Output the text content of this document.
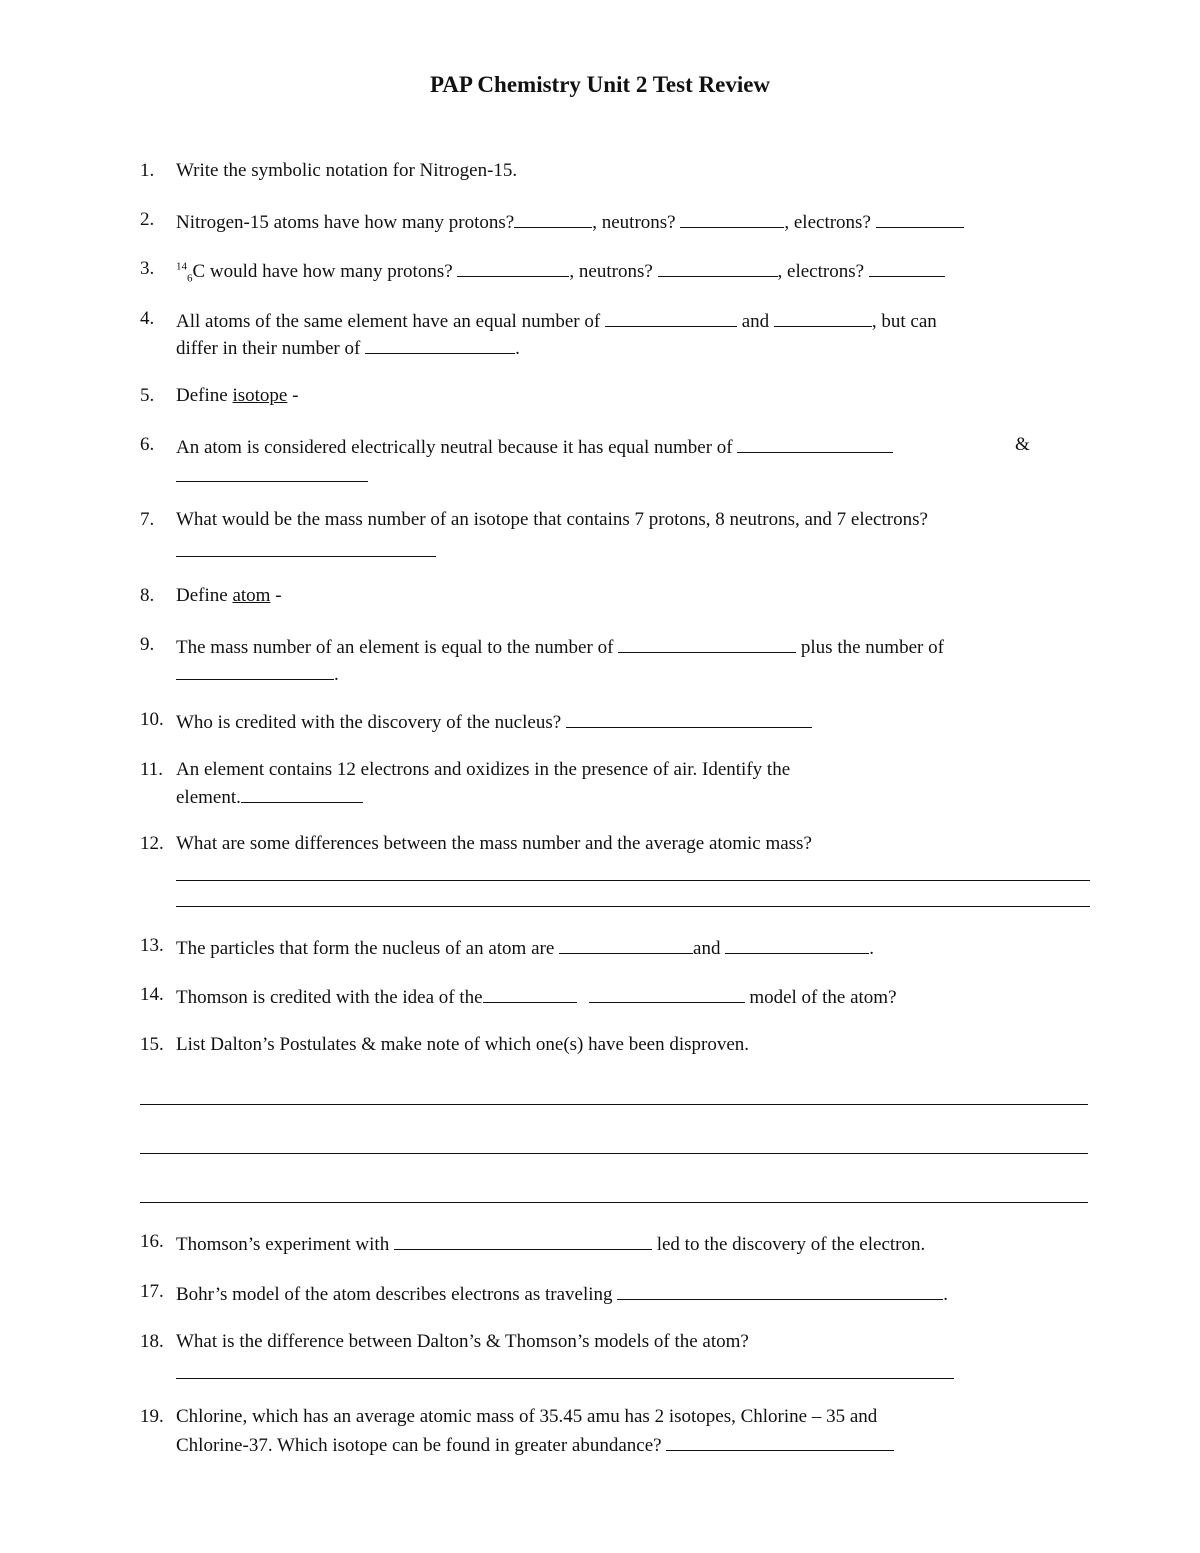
PAP Chemistry Unit 2 Test Review
1. Write the symbolic notation for Nitrogen-15.
2. Nitrogen-15 atoms have how many protons?	, neutrons?	, electrons?
3. $^{14}_6$C would have how many protons?	, neutrons?	, electrons?
4. All atoms of the same element have an equal number of	and	, but can
differ in their number of	.
5. Define isotope -
6. An atom is considered electrically neutral because it has equal number of	&
7. What would be the mass number of an isotope that contains 7 protons, 8 neutrons, and 7 electrons?
8. Define atom -
9. The mass number of an element is equal to the number of	plus the number of
.
10. Who is credited with the discovery of the nucleus?
11. An element contains 12 electrons and oxidizes in the presence of air. Identify the
element.
12. What are some differences between the mass number and the average atomic mass?
13. The particles that form the nucleus of an atom are	and	.
14. Thomson is credited with the idea of the	model of the atom?
15. List Dalton’s Postulates & make note of which one(s) have been disproven.
16. Thomson’s experiment with	led to the discovery of the electron.
17. Bohr’s model of the atom describes electrons as traveling	.
18. What is the difference between Dalton’s & Thomson’s models of the atom?
19. Chlorine, which has an average atomic mass of 35.45 amu has 2 isotopes, Chlorine – 35 and
Chlorine-37. Which isotope can be found in greater abundance?
